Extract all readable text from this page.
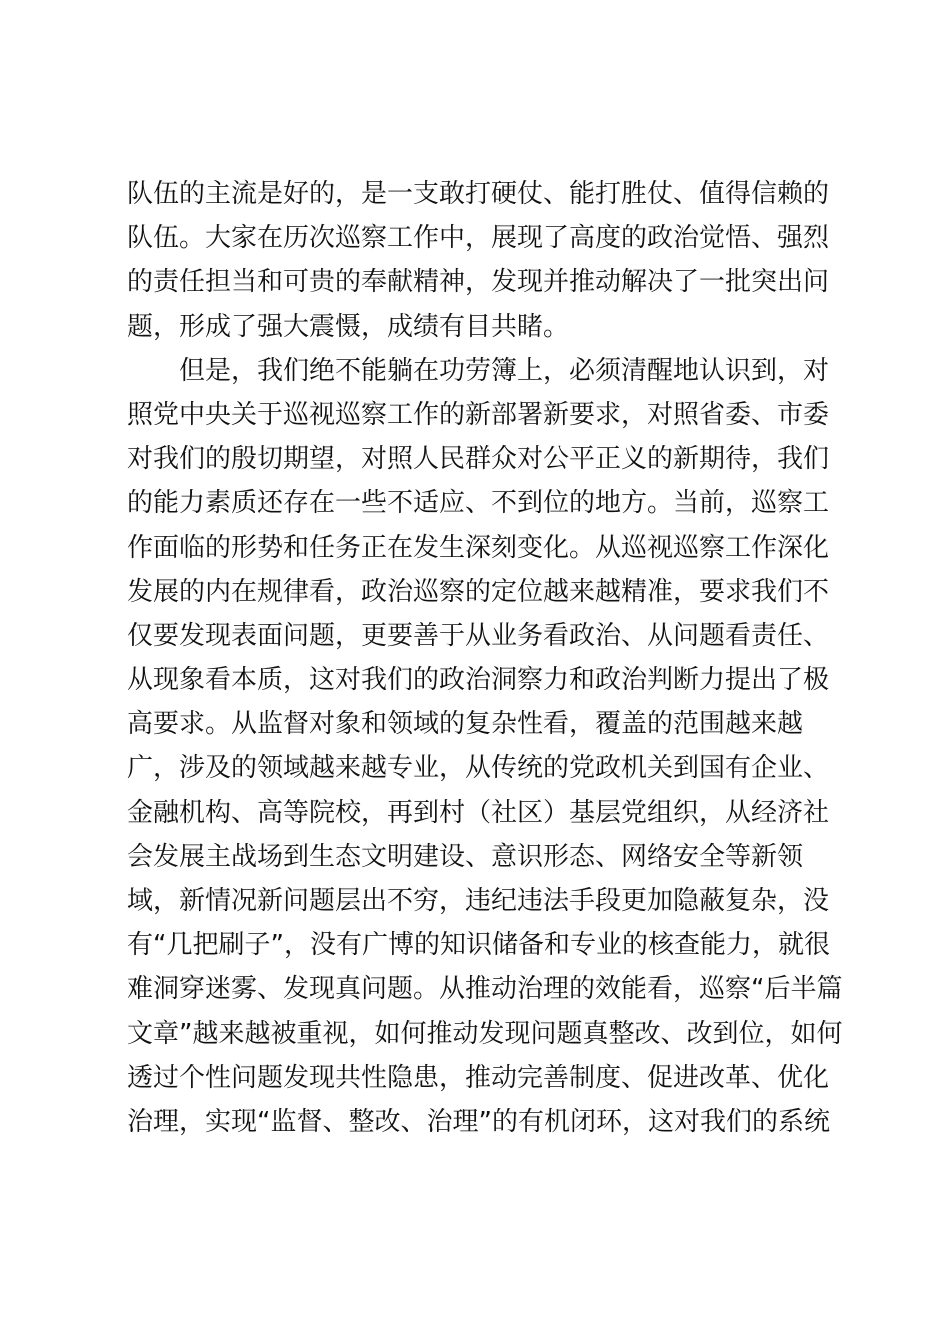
队伍的主流是好的，是一支敢打硬仗、能打胜仗、值得信赖的
队伍。大家在历次巡察工作中，展现了高度的政治觉悟、强烈
的责任担当和可贵的奉献精神，发现并推动解决了一批突出问
题，形成了强大震慑，成绩有目共睹。
　　但是，我们绝不能躺在功劳簿上，必须清醒地认识到，对
照党中央关于巡视巡察工作的新部署新要求，对照省委、市委
对我们的殷切期望，对照人民群众对公平正义的新期待，我们
的能力素质还存在一些不适应、不到位的地方。当前，巡察工
作面临的形势和任务正在发生深刻变化。从巡视巡察工作深化
发展的内在规律看，政治巡察的定位越来越精准，要求我们不
仅要发现表面问题，更要善于从业务看政治、从问题看责任、
从现象看本质，这对我们的政治洞察力和政治判断力提出了极
高要求。从监督对象和领域的复杂性看，覆盖的范围越来越
广，涉及的领域越来越专业，从传统的党政机关到国有企业、
金融机构、高等院校，再到村（社区）基层党组织，从经济社
会发展主战场到生态文明建设、意识形态、网络安全等新领
域，新情况新问题层出不穷，违纪违法手段更加隐蔽复杂，没
有“几把刷子”，没有广博的知识储备和专业的核查能力，就很
难洞穿迷雾、发现真问题。从推动治理的效能看，巡察“后半篇
文章”越来越被重视，如何推动发现问题真整改、改到位，如何
透过个性问题发现共性隐患，推动完善制度、促进改革、优化
治理，实现“监督、整改、治理”的有机闭环，这对我们的系统
